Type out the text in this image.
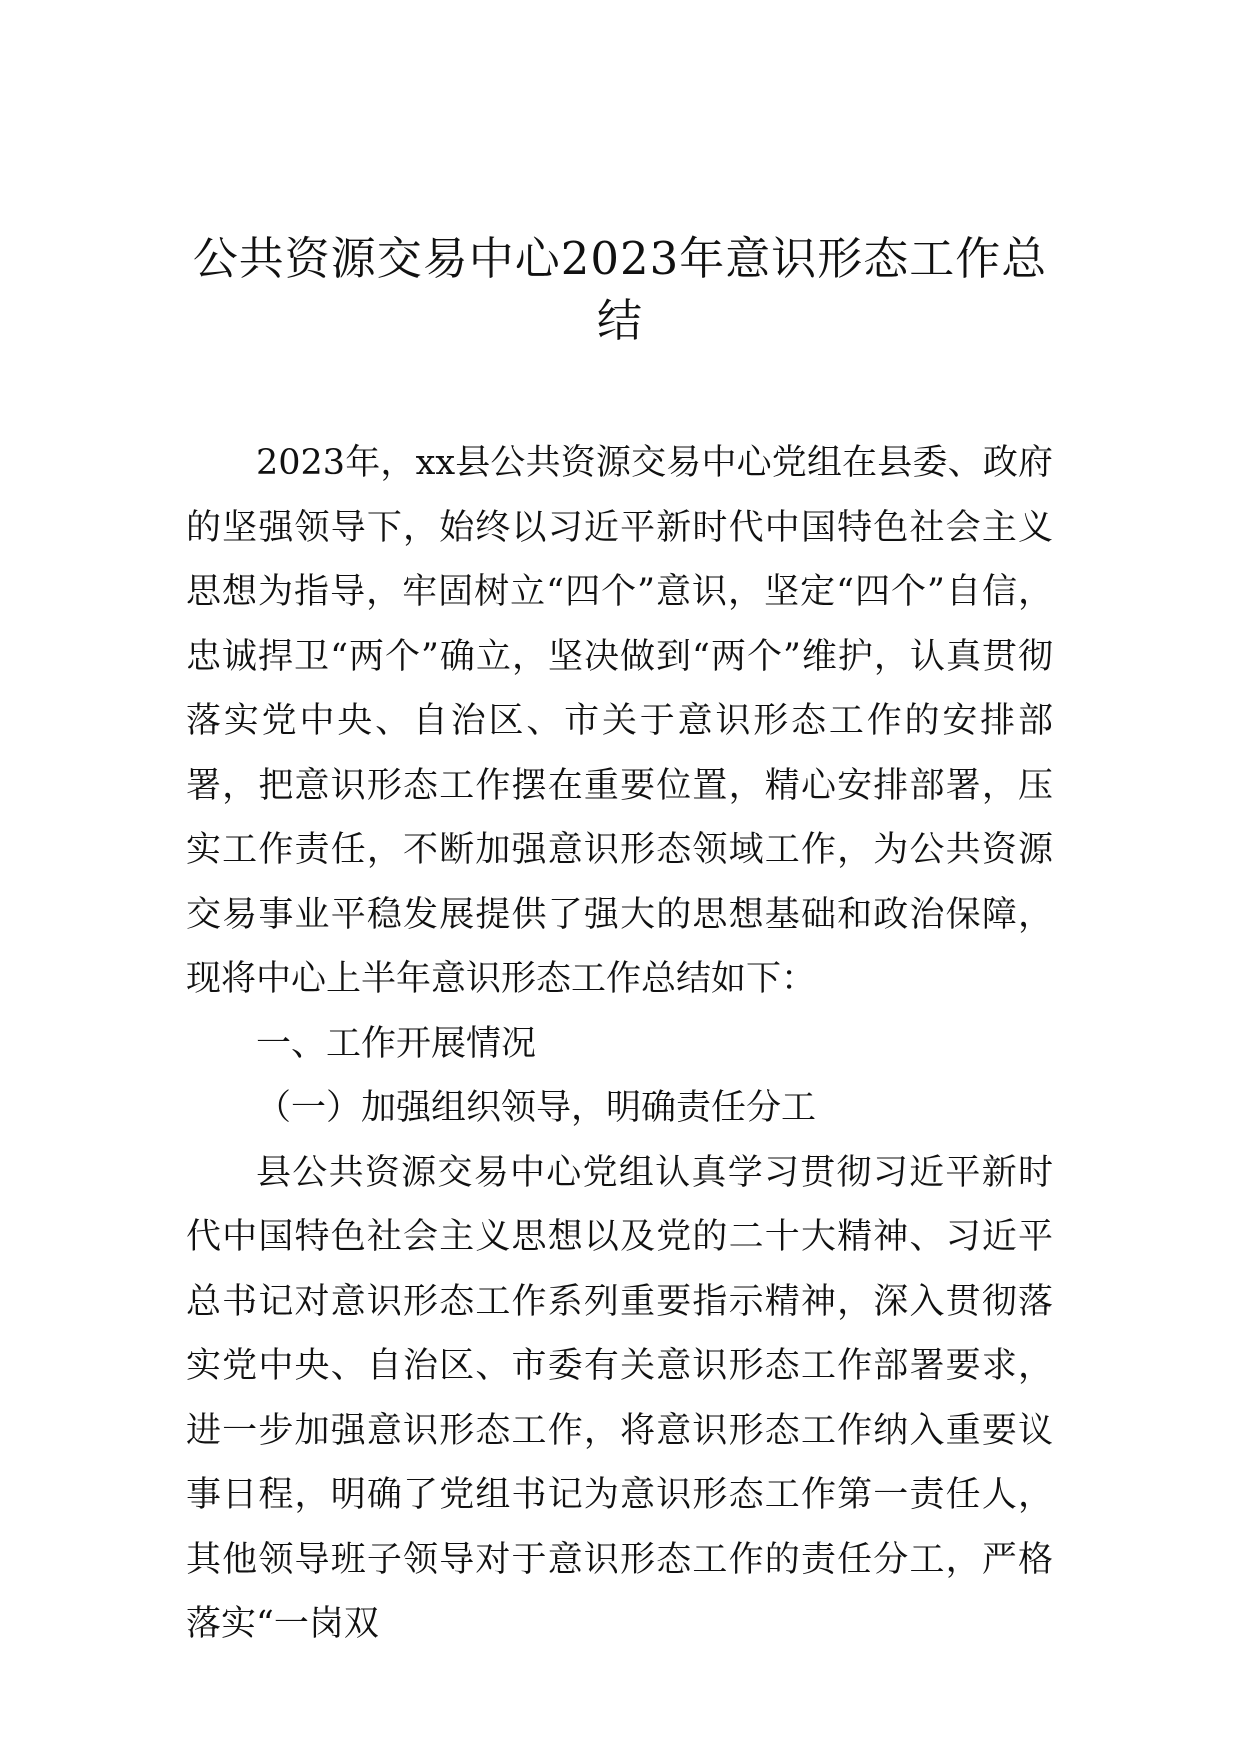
公共资源交易中心2023年意识形态工作总结

2023年，xx县公共资源交易中心党组在县委、政府的坚强领导下，始终以习近平新时代中国特色社会主义思想为指导，牢固树立“四个”意识，坚定“四个”自信，忠诚捍卫“两个”确立，坚决做到“两个”维护，认真贯彻落实党中央、自治区、市关于意识形态工作的安排部署，把意识形态工作摆在重要位置，精心安排部署，压实工作责任，不断加强意识形态领域工作，为公共资源交易事业平稳发展提供了强大的思想基础和政治保障，现将中心上半年意识形态工作总结如下：

一、工作开展情况

（一）加强组织领导，明确责任分工

县公共资源交易中心党组认真学习贯彻习近平新时代中国特色社会主义思想以及党的二十大精神、习近平总书记对意识形态工作系列重要指示精神，深入贯彻落实党中央、自治区、市委有关意识形态工作部署要求，进一步加强意识形态工作，将意识形态工作纳入重要议事日程，明确了党组书记为意识形态工作第一责任人，其他领导班子领导对于意识形态工作的责任分工，严格落实“一岗双
